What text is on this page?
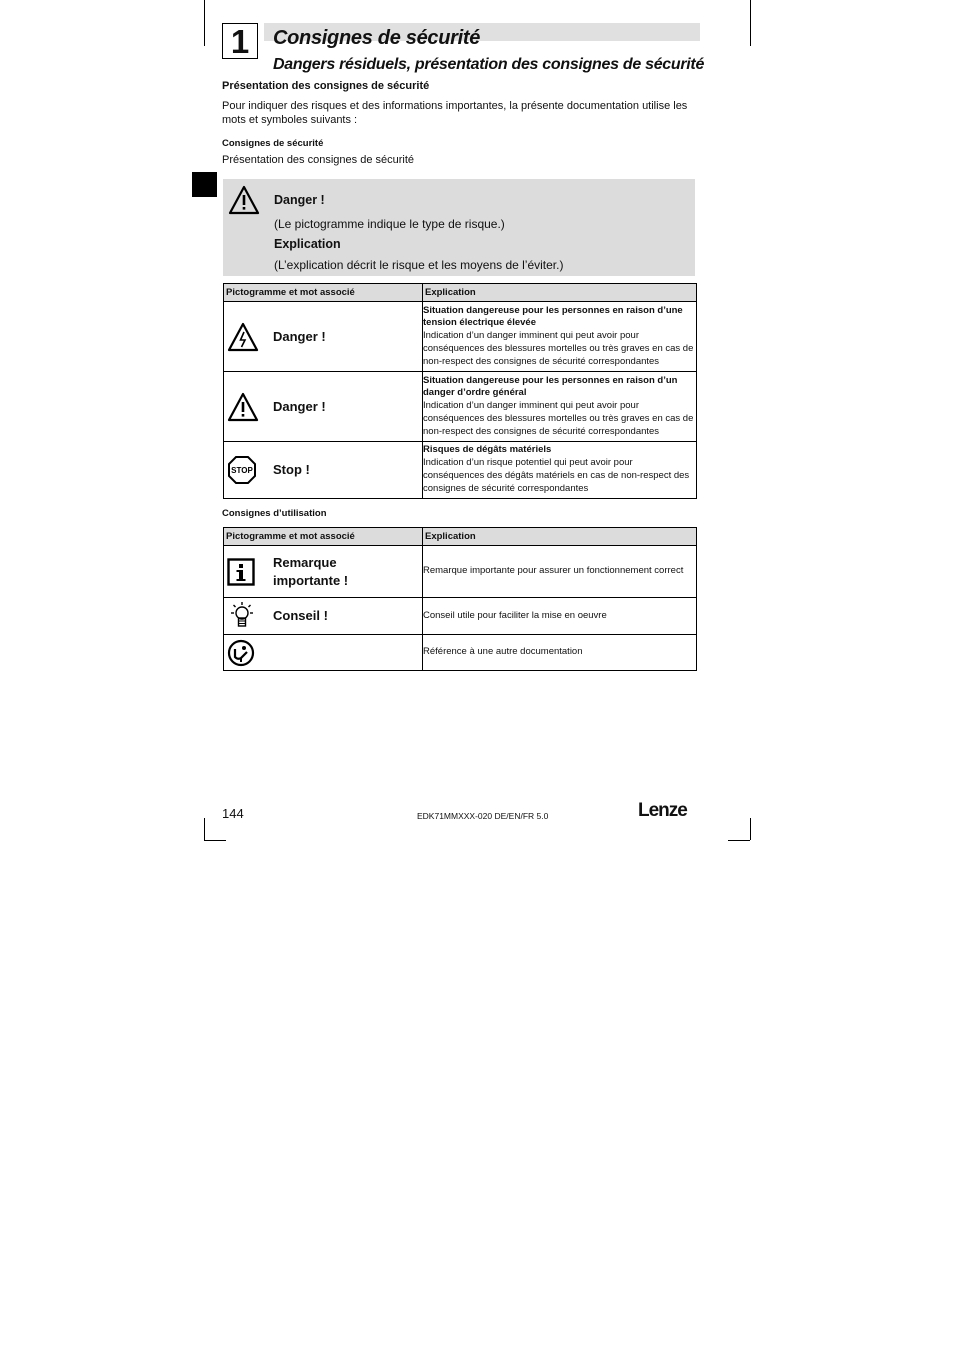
1	Consignes de sécurité
Dangers résiduels, présentation des consignes de sécurité
Présentation des consignes de sécurité
Pour indiquer des risques et des informations importantes, la présente documentation utilise les mots et symboles suivants :
Consignes de sécurité
Présentation des consignes de sécurité
Danger !
(Le pictogramme indique le type de risque.)
Explication
(L’explication décrit le risque et les moyens de l’éviter.)
Pictogramme et mot associé	Explication

Danger !	Situation dangereuse pour les personnes en raison d’une tension électrique élevée
Indication d’un danger imminent qui peut avoir pour conséquences des blessures mortelles ou très graves en cas de non-respect des consignes de sécurité correspondantes

Danger !	Situation dangereuse pour les personnes en raison d’un danger d’ordre général
Indication d’un danger imminent qui peut avoir pour conséquences des blessures mortelles ou très graves en cas de non-respect des consignes de sécurité correspondantes

STOP Stop !	Risques de dégâts matériels
Indication d’un risque potentiel qui peut avoir pour conséquences des dégâts matériels en cas de non-respect des consignes de sécurité correspondantes
Consignes d’utilisation
Pictogramme et mot associé	Explication

Remarque
importante !	Remarque importante pour assurer un fonctionnement correct

Conseil !	Conseil utile pour faciliter la mise en oeuvre

	Référence à une autre documentation
144	EDK71MMXXX-020 DE/EN/FR 5.0	Lenze
